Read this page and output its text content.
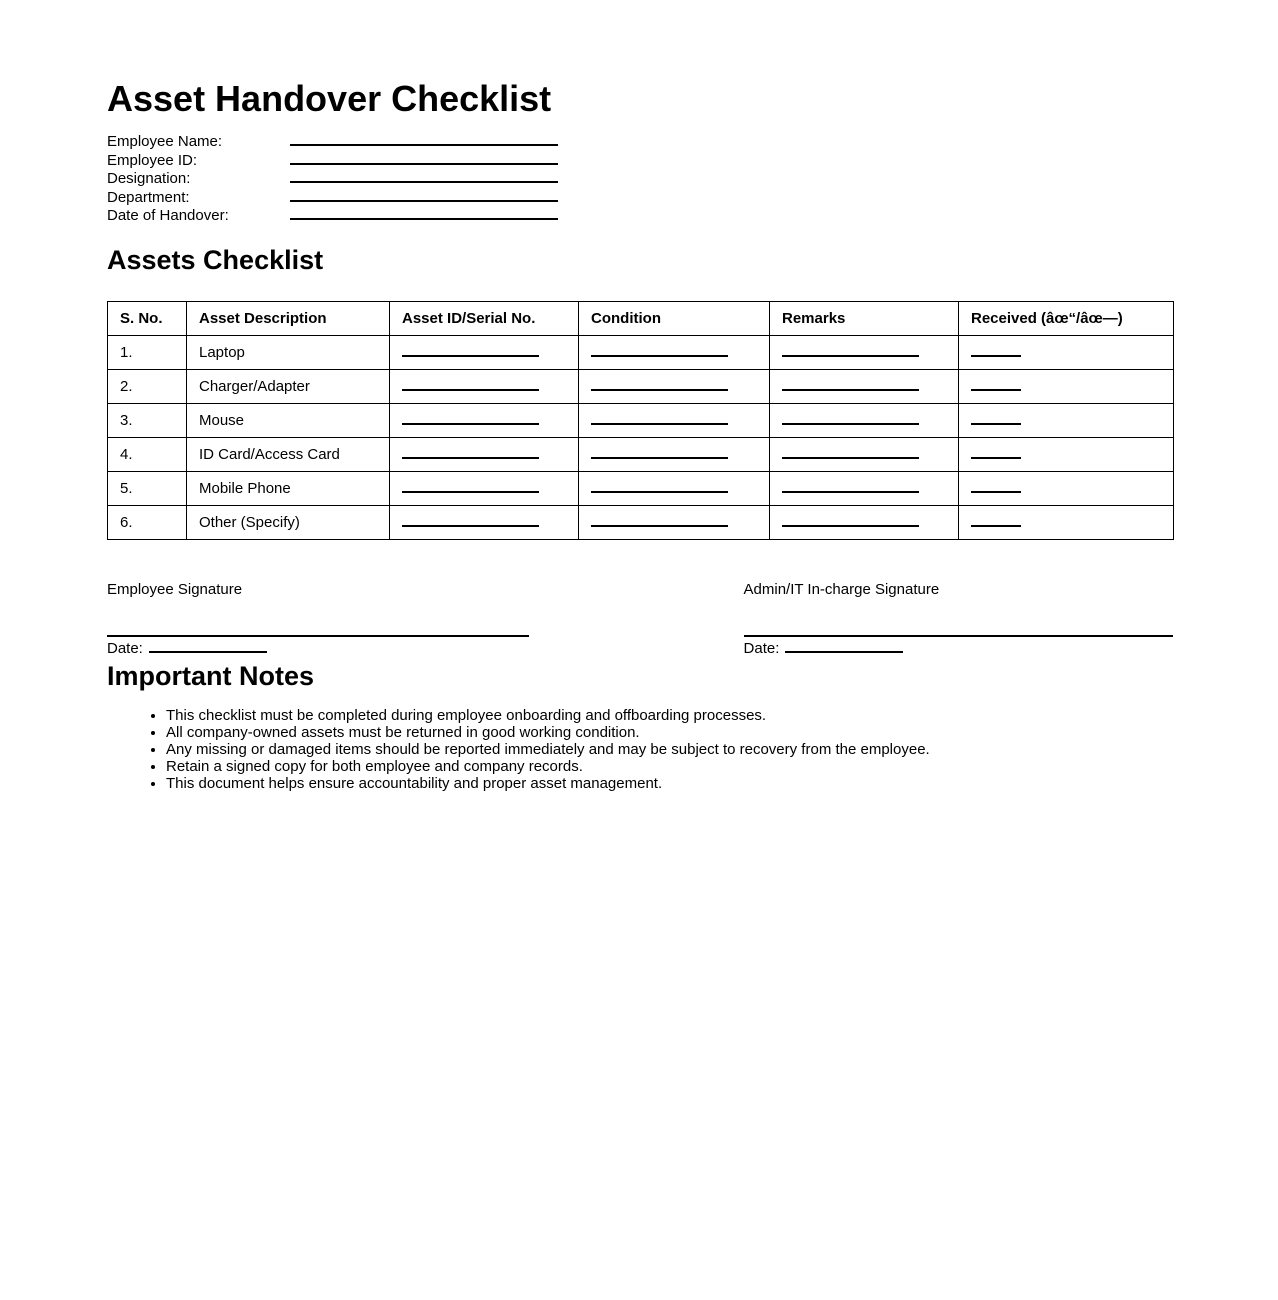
Asset Handover Checklist
Employee Name:
Employee ID:
Designation:
Department:
Date of Handover:
Assets Checklist
S. No.	Asset Description	Asset ID/Serial No.	Condition	Remarks	Received (âœ“/âœ—)
1.	Laptop				
2.	Charger/Adapter				
3.	Mouse				
4.	ID Card/Access Card				
5.	Mobile Phone				
6.	Other (Specify)				
Employee Signature
Date:
Admin/IT In-charge Signature
Date:
Important Notes
• This checklist must be completed during employee onboarding and offboarding processes.
• All company-owned assets must be returned in good working condition.
• Any missing or damaged items should be reported immediately and may be subject to recovery from the employee.
• Retain a signed copy for both employee and company records.
• This document helps ensure accountability and proper asset management.
